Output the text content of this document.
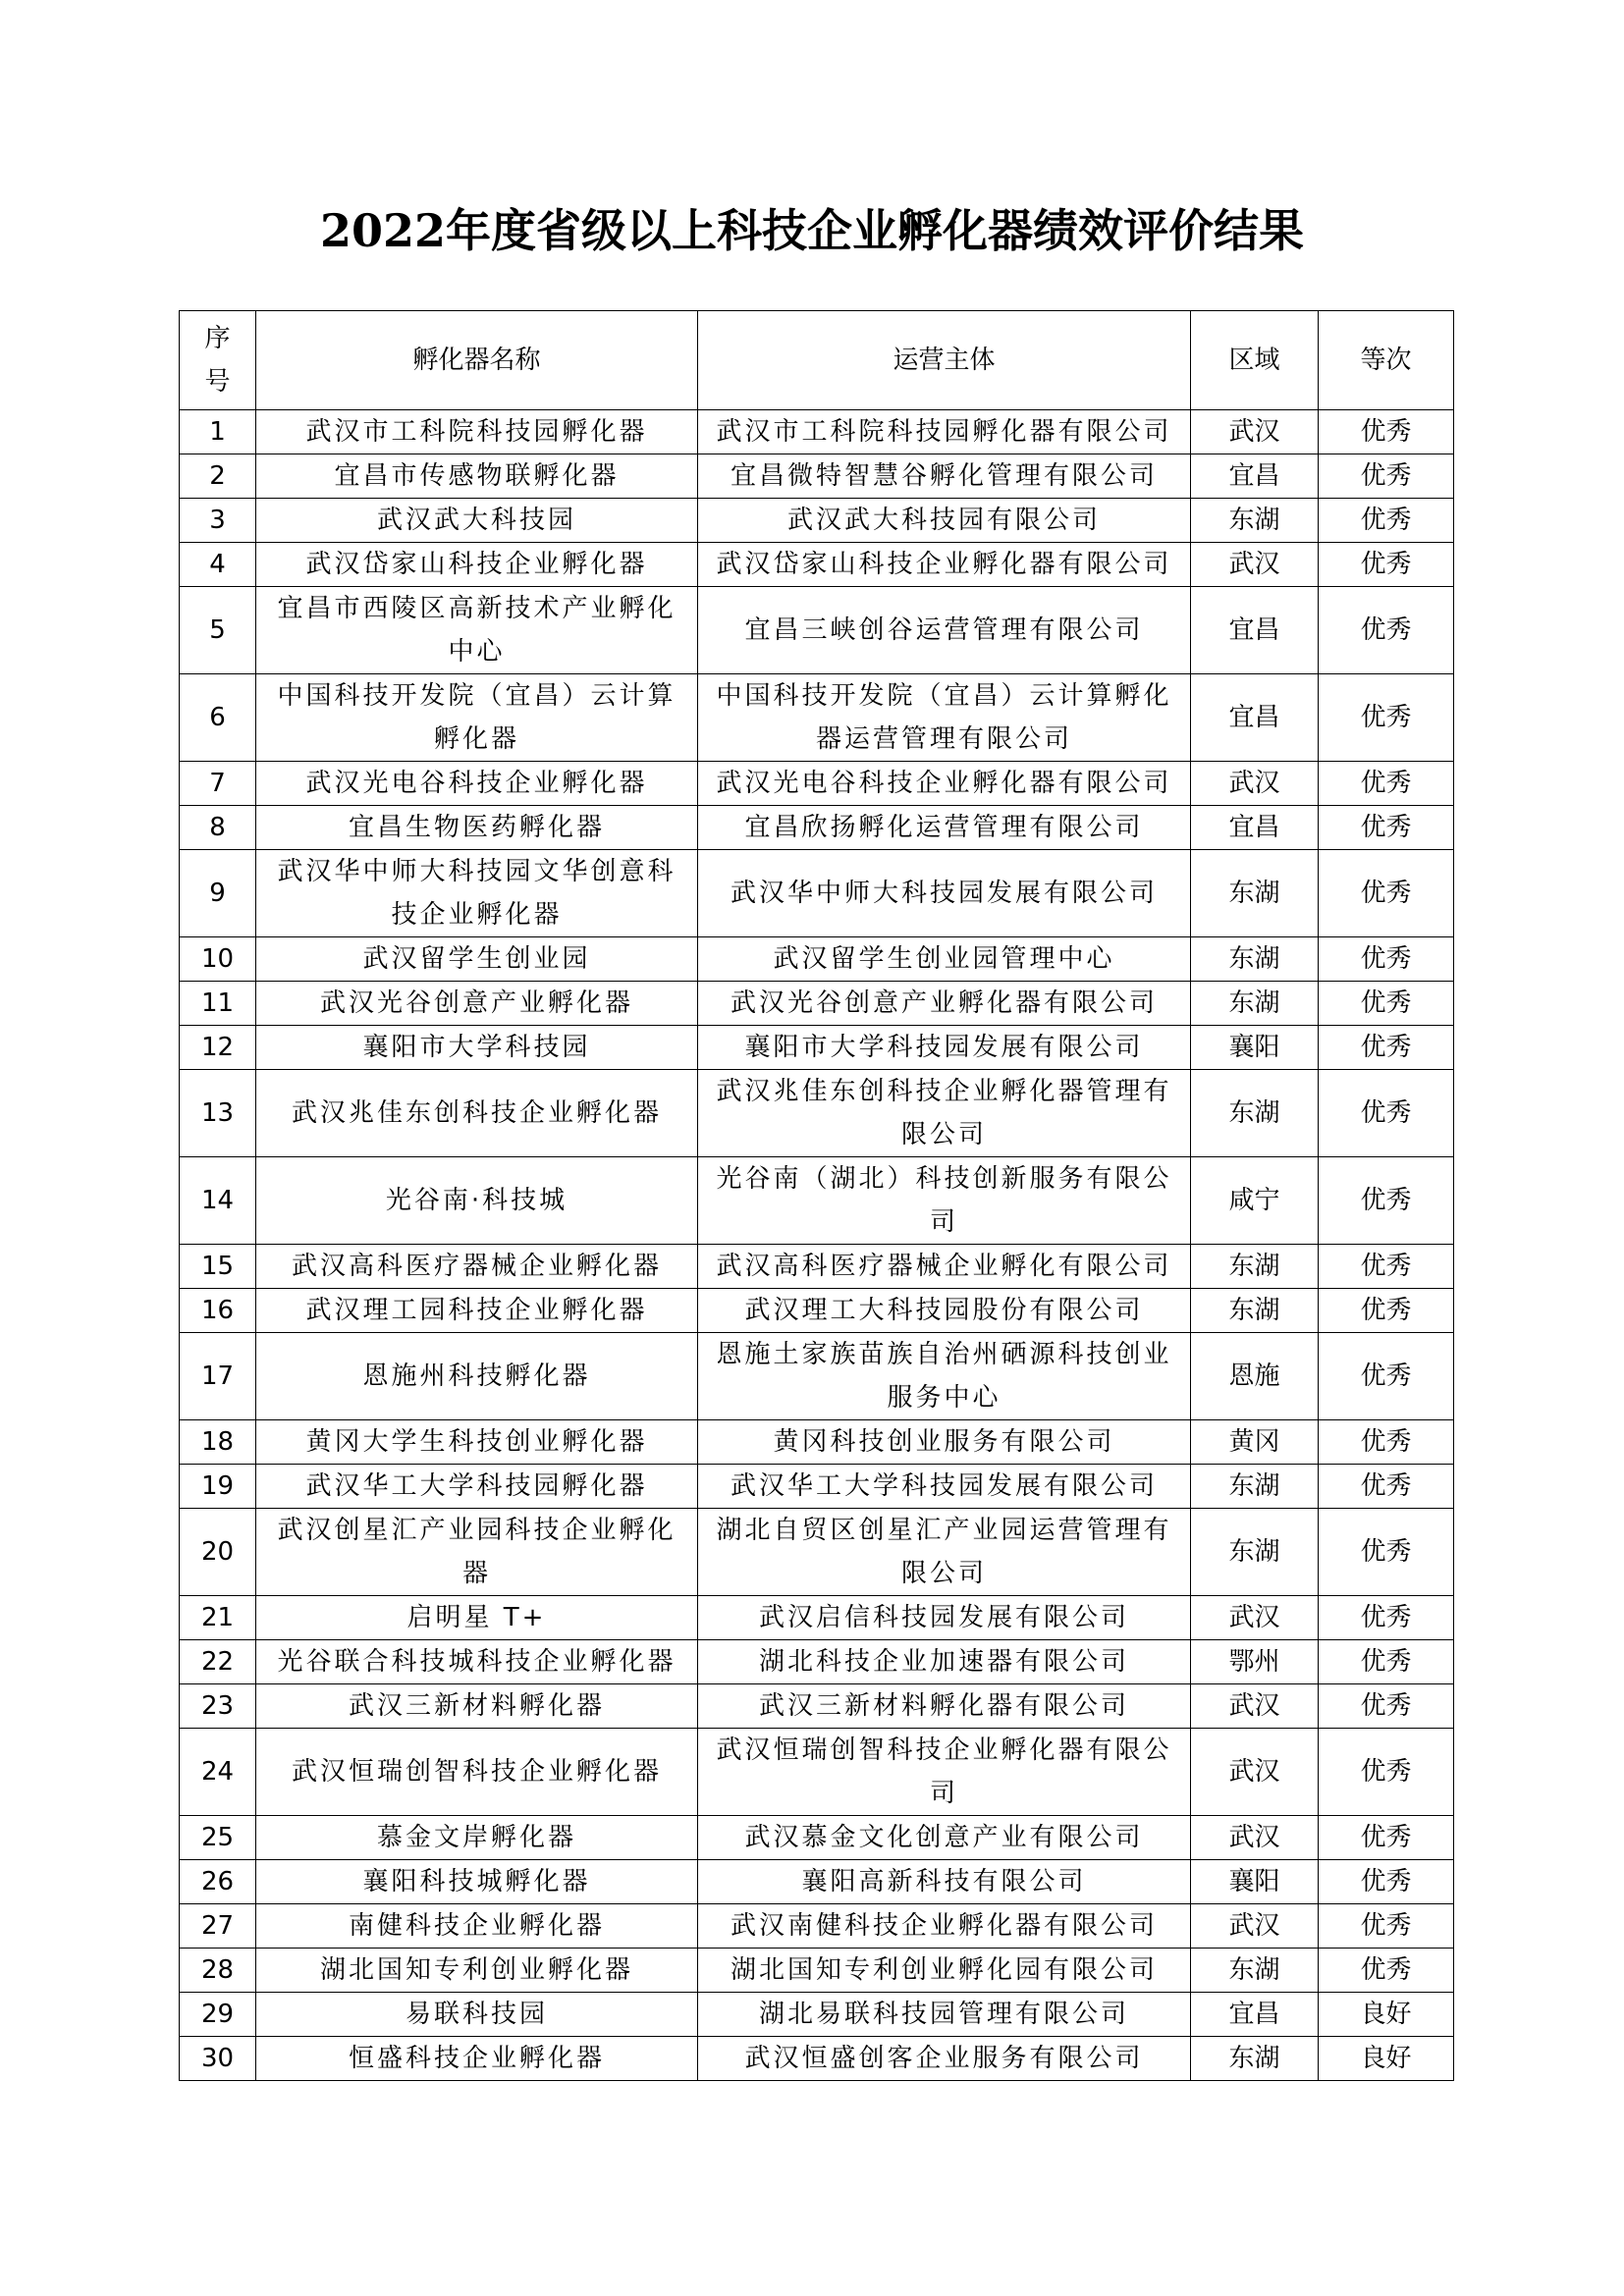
2022年度省级以上科技企业孵化器绩效评价结果
序
号	孵化器名称	运营主体	区域	等次
1	武汉市工科院科技园孵化器	武汉市工科院科技园孵化器有限公司	武汉	优秀
2	宜昌市传感物联孵化器	宜昌微特智慧谷孵化管理有限公司	宜昌	优秀
3	武汉武大科技园	武汉武大科技园有限公司	东湖	优秀
4	武汉岱家山科技企业孵化器	武汉岱家山科技企业孵化器有限公司	武汉	优秀
5	宜昌市西陵区高新技术产业孵化中心	宜昌三峡创谷运营管理有限公司	宜昌	优秀
6	中国科技开发院（宜昌）云计算孵化器	中国科技开发院（宜昌）云计算孵化器运营管理有限公司	宜昌	优秀
7	武汉光电谷科技企业孵化器	武汉光电谷科技企业孵化器有限公司	武汉	优秀
8	宜昌生物医药孵化器	宜昌欣扬孵化运营管理有限公司	宜昌	优秀
9	武汉华中师大科技园文华创意科技企业孵化器	武汉华中师大科技园发展有限公司	东湖	优秀
10	武汉留学生创业园	武汉留学生创业园管理中心	东湖	优秀
11	武汉光谷创意产业孵化器	武汉光谷创意产业孵化器有限公司	东湖	优秀
12	襄阳市大学科技园	襄阳市大学科技园发展有限公司	襄阳	优秀
13	武汉兆佳东创科技企业孵化器	武汉兆佳东创科技企业孵化器管理有限公司	东湖	优秀
14	光谷南·科技城	光谷南（湖北）科技创新服务有限公司	咸宁	优秀
15	武汉高科医疗器械企业孵化器	武汉高科医疗器械企业孵化有限公司	东湖	优秀
16	武汉理工园科技企业孵化器	武汉理工大科技园股份有限公司	东湖	优秀
17	恩施州科技孵化器	恩施土家族苗族自治州硒源科技创业服务中心	恩施	优秀
18	黄冈大学生科技创业孵化器	黄冈科技创业服务有限公司	黄冈	优秀
19	武汉华工大学科技园孵化器	武汉华工大学科技园发展有限公司	东湖	优秀
20	武汉创星汇产业园科技企业孵化器	湖北自贸区创星汇产业园运营管理有限公司	东湖	优秀
21	启明星 T+	武汉启信科技园发展有限公司	武汉	优秀
22	光谷联合科技城科技企业孵化器	湖北科技企业加速器有限公司	鄂州	优秀
23	武汉三新材料孵化器	武汉三新材料孵化器有限公司	武汉	优秀
24	武汉恒瑞创智科技企业孵化器	武汉恒瑞创智科技企业孵化器有限公司	武汉	优秀
25	慕金文岸孵化器	武汉慕金文化创意产业有限公司	武汉	优秀
26	襄阳科技城孵化器	襄阳高新科技有限公司	襄阳	优秀
27	南健科技企业孵化器	武汉南健科技企业孵化器有限公司	武汉	优秀
28	湖北国知专利创业孵化器	湖北国知专利创业孵化园有限公司	东湖	优秀
29	易联科技园	湖北易联科技园管理有限公司	宜昌	良好
30	恒盛科技企业孵化器	武汉恒盛创客企业服务有限公司	东湖	良好
